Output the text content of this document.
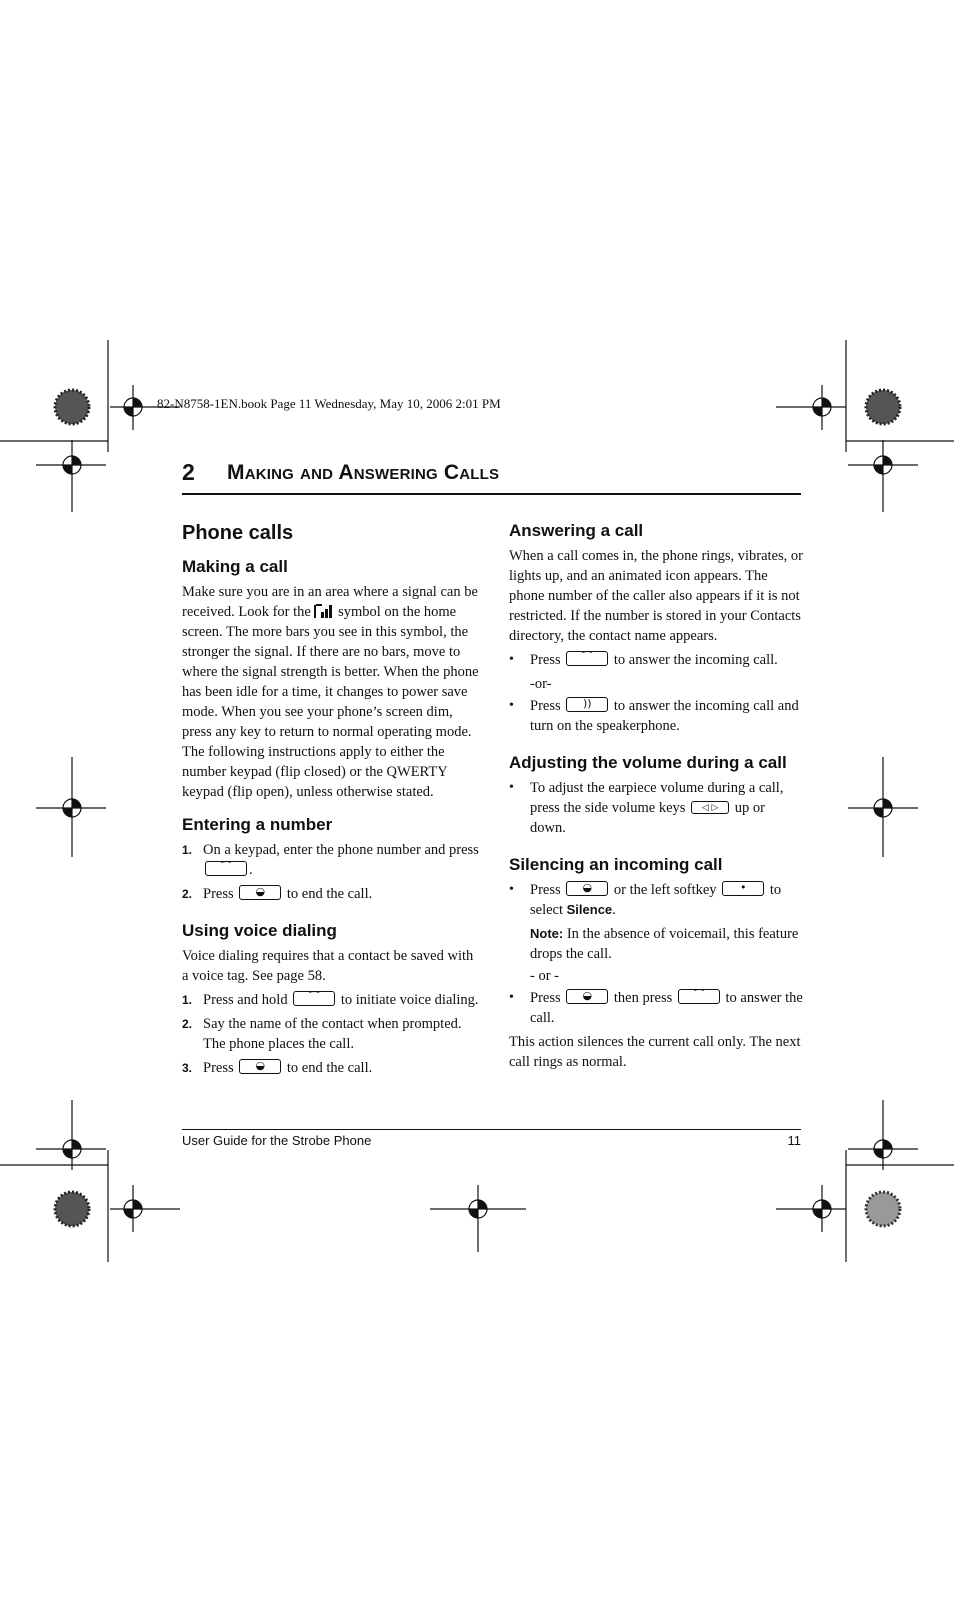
82-N8758-1EN.book Page 11 Wednesday, May 10, 2006 2:01 PM
2 Making and Answering Calls
Phone calls
Making a call

Make sure you are in an area where a signal can be received. Look for the symbol on the home screen. The more bars you see in this symbol, the stronger the signal. If there are no bars, move to where the signal strength is better. When the phone has been idle for a time, it changes to power save mode. When you see your phone’s screen dim, press any key to return to normal operating mode. The following instructions apply to either the number keypad (flip closed) or the QWERTY keypad (flip open), unless otherwise stated.

Entering a number
1. On a keypad, enter the phone number and press
⁀	.
2. Press	◒	to end the call.
Using voice dialing

Voice dialing requires that a contact be saved with a voice tag. See page 58.

1. Press and hold	⁀	to initiate voice dialing.
2. Say the name of the contact when prompted. The phone places the call.
3. Press	◒	to end the call.
Answering a call

When a call comes in, the phone rings, vibrates, or lights up, and an animated icon appears. The phone number of the caller also appears if it is not restricted. If the number is stored in your Contacts directory, the contact name appears.

• Press	⁀	to answer the incoming call.

-or-

• Press	))	to answer the incoming call and turn on the speakerphone.
Adjusting the volume during a call
• To adjust the earpiece volume during a call, press the side volume keys	◁ ▷	up or down.
Silencing an incoming call
• Press	◒	or the left softkey	•	to select Silence.

Note: In the absence of voicemail, this feature drops the call.

- or -

• Press	◒	then press	⁀	to answer the call.

This action silences the current call only. The next call rings as normal.

User Guide for the Strobe Phone	11
